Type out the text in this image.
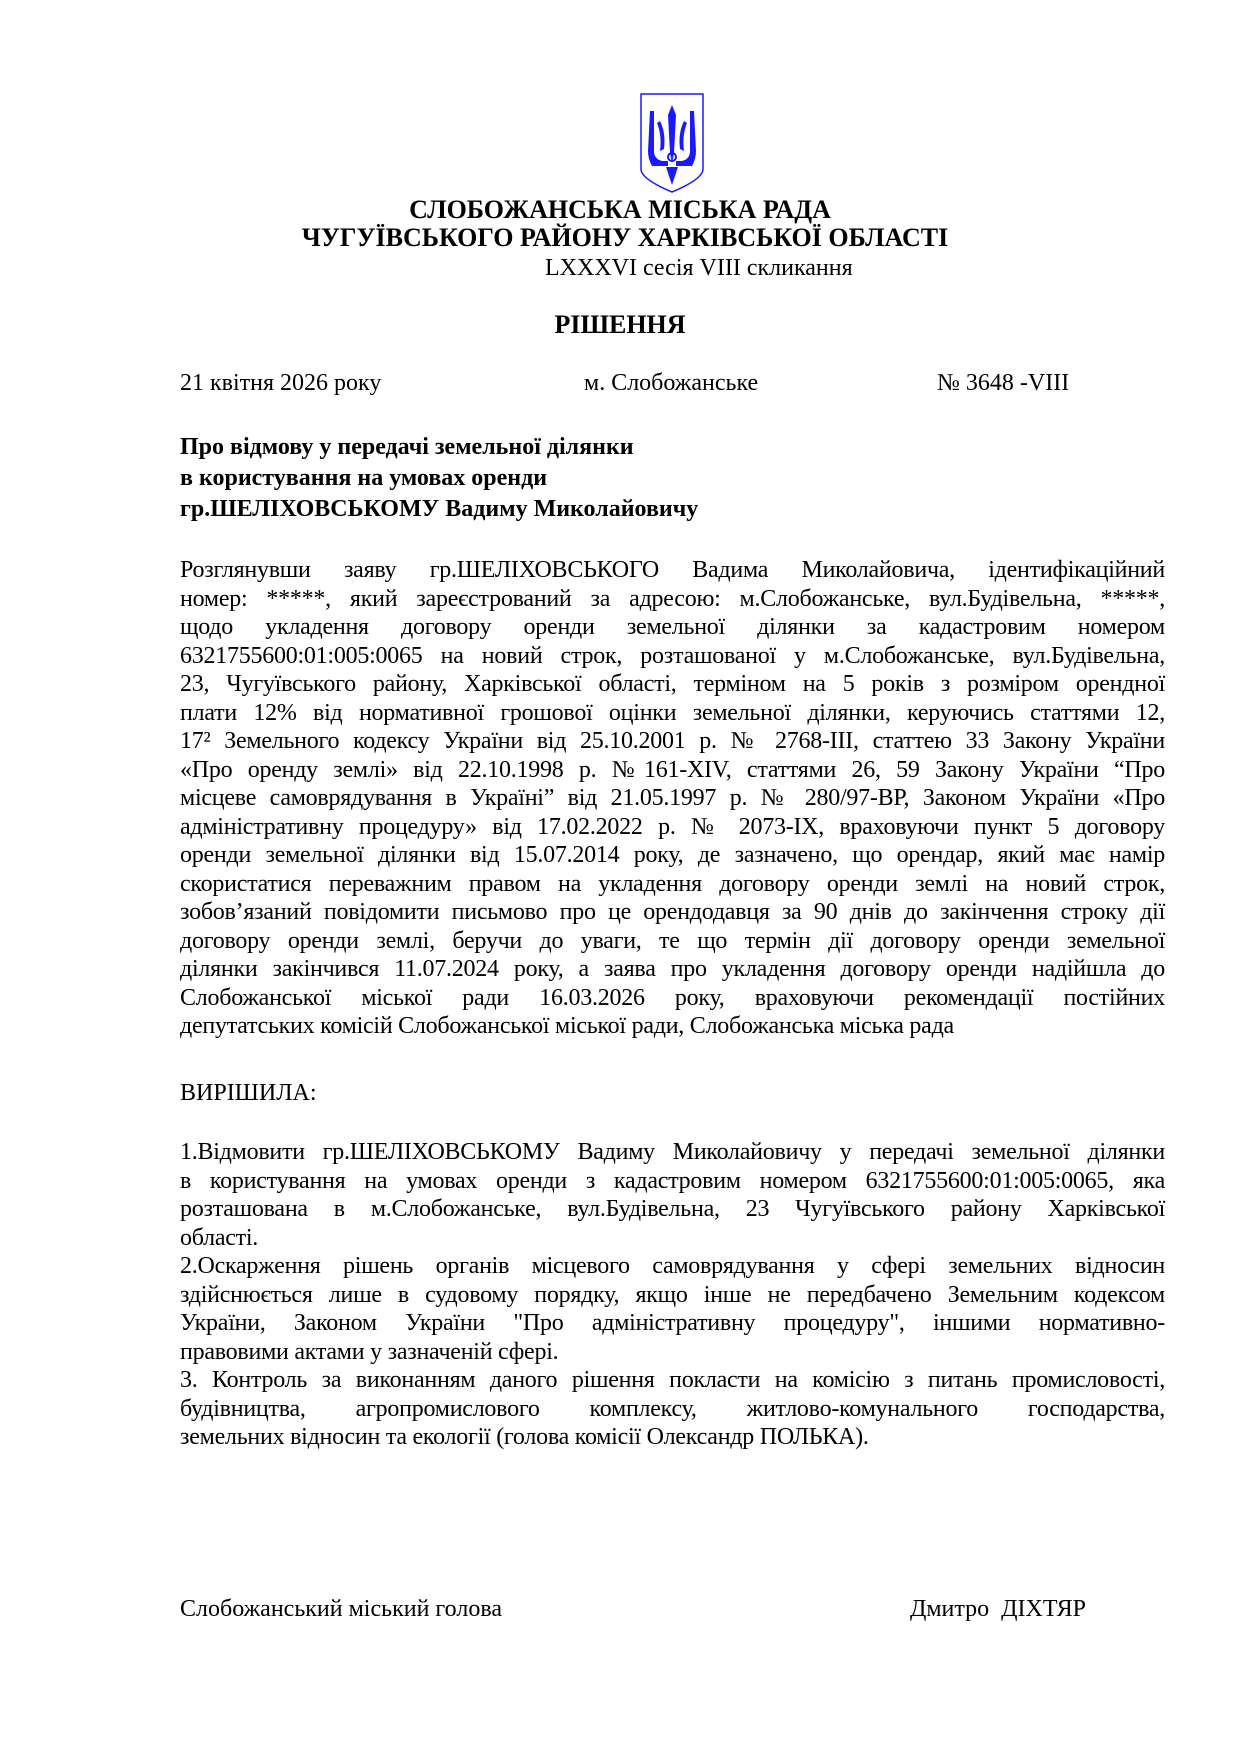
СЛОБОЖАНСЬКА МІСЬКА РАДА
ЧУГУЇВСЬКОГО РАЙОНУ ХАРКІВСЬКОЇ ОБЛАСТІ
LXXXVI сесія VIII скликання
РІШЕННЯ
21 квітня 2026 року	м. Слобожанське	№ 3648 -VIII
Про відмову у передачі земельної ділянки
в користування на умовах оренди
гр.ШЕЛІХОВСЬКОМУ Вадиму Миколайовичу
Розглянувши заяву гр.ШЕЛІХОВСЬКОГО Вадима Миколайовича, ідентифікаційний
номер: *****, який зареєстрований за адресою: м.Слобожанське, вул.Будівельна, *****,
щодо укладення договору оренди земельної ділянки за кадастровим номером
6321755600:01:005:0065 на новий строк, розташованої у м.Слобожанське, вул.Будівельна,
23, Чугуївського району, Харківської області, терміном на 5 років з розміром орендної
плати 12% від нормативної грошової оцінки земельної ділянки, керуючись статтями 12,
17² Земельного кодексу України від 25.10.2001 р. № 2768-ІІІ, статтею 33 Закону України
«Про оренду землі» від 22.10.1998 р. №161-XIV, статтями 26, 59 Закону України “Про
місцеве самоврядування в Україні” від 21.05.1997 р. № 280/97-ВР, Законом України «Про
адміністративну процедуру» від 17.02.2022 р. № 2073-IX, враховуючи пункт 5 договору
оренди земельної ділянки від 15.07.2014 року, де зазначено, що орендар, який має намір
скористатися переважним правом на укладення договору оренди землі на новий строк,
зобов’язаний повідомити письмово про це орендодавця за 90 днів до закінчення строку дії
договору оренди землі, беручи до уваги, те що термін дії договору оренди земельної
ділянки закінчився 11.07.2024 року, а заява про укладення договору оренди надійшла до
Слобожанської міської ради 16.03.2026 року, враховуючи рекомендації постійних
депутатських комісій Слобожанської міської ради, Слобожанська міська рада
ВИРІШИЛА:
1.Відмовити гр.ШЕЛІХОВСЬКОМУ Вадиму Миколайовичу у передачі земельної ділянки
в користування на умовах оренди з кадастровим номером 6321755600:01:005:0065, яка
розташована в м.Слобожанське, вул.Будівельна, 23 Чугуївського району Харківської
області.
2.Оскарження рішень органів місцевого самоврядування у сфері земельних відносин
здійснюється лише в судовому порядку, якщо інше не передбачено Земельним кодексом
України, Законом України "Про адміністративну процедуру", іншими нормативно-
правовими актами у зазначеній сфері.
3. Контроль за виконанням даного рішення покласти на комісію з питань промисловості,
будівництва, агропромислового комплексу, житлово-комунального господарства,
земельних відносин та екології (голова комісії Олександр ПОЛЬКА).
Слобожанський міський голова	Дмитро ДІХТЯР
